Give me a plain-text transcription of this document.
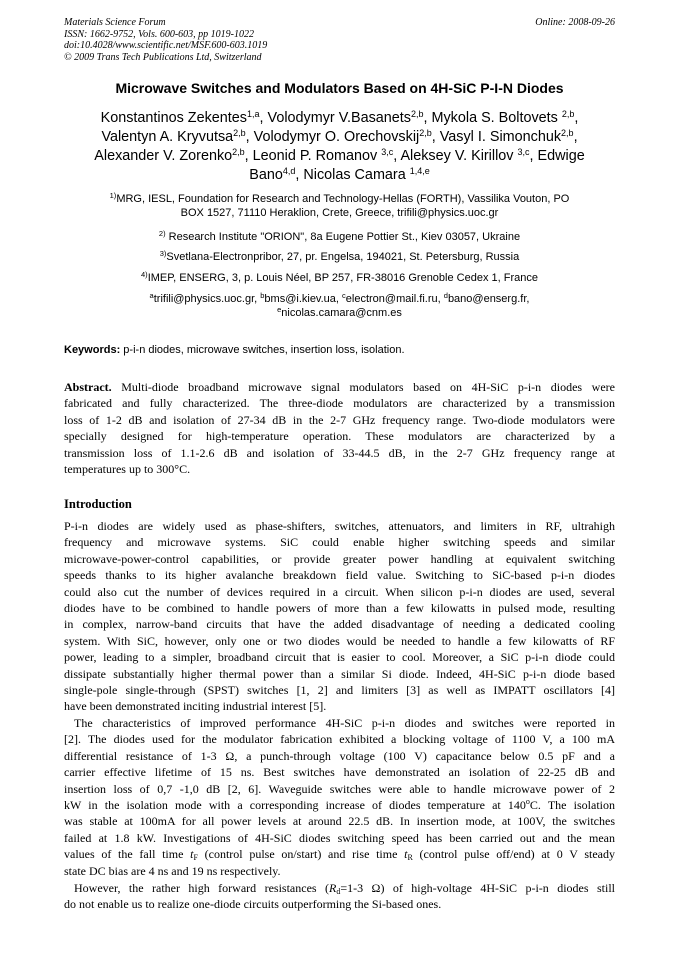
Materials Science Forum
ISSN: 1662-9752, Vols. 600-603, pp 1019-1022
doi:10.4028/www.scientific.net/MSF.600-603.1019
© 2009 Trans Tech Publications Ltd, Switzerland
Online: 2008-09-26
Microwave Switches and Modulators Based on 4H-SiC P-I-N Diodes
Konstantinos Zekentes$^{1,a}$, Volodymyr V.Basanets$^{2,b}$, Mykola S. Boltovets $^{2,b}$,
Valentyn A. Kryvutsa$^{2,b}$, Volodymyr O. Orechovskij$^{2,b}$, Vasyl I. Simonchuk$^{2,b}$,
Alexander V. Zorenko$^{2,b}$, Leonid P. Romanov $^{3,c}$, Aleksey V. Kirillov $^{3,c}$, Edwige
Bano$^{4,d}$, Nicolas Camara $^{1,4,e}$
$^{1)}$MRG, IESL, Foundation for Research and Technology-Hellas (FORTH), Vassilika Vouton, PO
BOX 1527, 71110 Heraklion, Crete, Greece, trifili@physics.uoc.gr
$^{2)}$ Research Institute "ORION", 8a Eugene Pottier St., Kiev 03057, Ukraine
$^{3)}$Svetlana-Electronpribor, 27, pr. Engelsa, 194021, St. Petersburg, Russia
$^{4)}$IMEP, ENSERG, 3, p. Louis Néel, BP 257, FR-38016 Grenoble Cedex 1, France
$^a$trifili@physics.uoc.gr, $^b$bms@i.kiev.ua, $^c$electron@mail.fi.ru, $^d$bano@enserg.fr,
$^e$nicolas.camara@cnm.es
Keywords: p-i-n diodes, microwave switches, insertion loss, isolation.
Abstract. Multi-diode broadband microwave signal modulators based on 4H-SiC p-i-n diodes were
fabricated and fully characterized. The three-diode modulators are characterized by a transmission
loss of 1-2 dB and isolation of 27-34 dB in the 2-7 GHz frequency range. Two-diode modulators were
specially designed for high-temperature operation. These modulators are characterized by a
transmission loss of 1.1-2.6 dB and isolation of 33-44.5 dB, in the 2-7 GHz frequency range at
temperatures up to 300°C.
Introduction
P-i-n diodes are widely used as phase-shifters, switches, attenuators, and limiters in RF, ultrahigh
frequency and microwave systems. SiC could enable higher switching speeds and similar
microwave-power-control capabilities, or provide greater power handling at equivalent switching
speeds thanks to its higher avalanche breakdown field value. Switching to SiC-based p-i-n diodes
could also cut the number of devices required in a circuit. When silicon p-i-n diodes are used, several
diodes have to be combined to handle powers of more than a few kilowatts in pulsed mode, resulting
in complex, narrow-band circuits that have the added disadvantage of needing a dedicated cooling
system. With SiC, however, only one or two diodes would be needed to handle a few kilowatts of RF
power, leading to a simpler, broadband circuit that is easier to cool. Moreover, a SiC p-i-n diode could
dissipate substantially higher thermal power than a similar Si diode. Indeed, 4H-SiC p-i-n diode based
single-pole single-through (SPST) switches [1, 2] and limiters [3] as well as IMPATT oscillators [4]
have been demonstrated inciting industrial interest [5].
The characteristics of improved performance 4H-SiC p-i-n diodes and switches were reported in
[2]. The diodes used for the modulator fabrication exhibited a blocking voltage of 1100 V, a 100 mA
differential resistance of 1-3 Ω, a punch-through voltage (100 V) capacitance below 0.5 pF and a
carrier effective lifetime of 15 ns. Best switches have demonstrated an isolation of 22-25 dB and
insertion loss of 0,7 -1,0 dB [2, 6]. Waveguide switches were able to handle microwave power of 2
kW in the isolation mode with a corresponding increase of diodes temperature at 140$^o$C. The isolation
was stable at 100mA for all power levels at around 22.5 dB. In insertion mode, at 100V, the switches
failed at 1.8 kW. Investigations of 4H-SiC diodes switching speed has been carried out and the mean
values of the fall time $t_F$ (control pulse on/start) and rise time $t_R$ (control pulse off/end) at 0 V steady
state DC bias are 4 ns and 19 ns respectively.
However, the rather high forward resistances ($R_d=1-3$ Ω) of high-voltage 4H-SiC p-i-n diodes still
do not enable us to realize one-diode circuits outperforming the Si-based ones.
